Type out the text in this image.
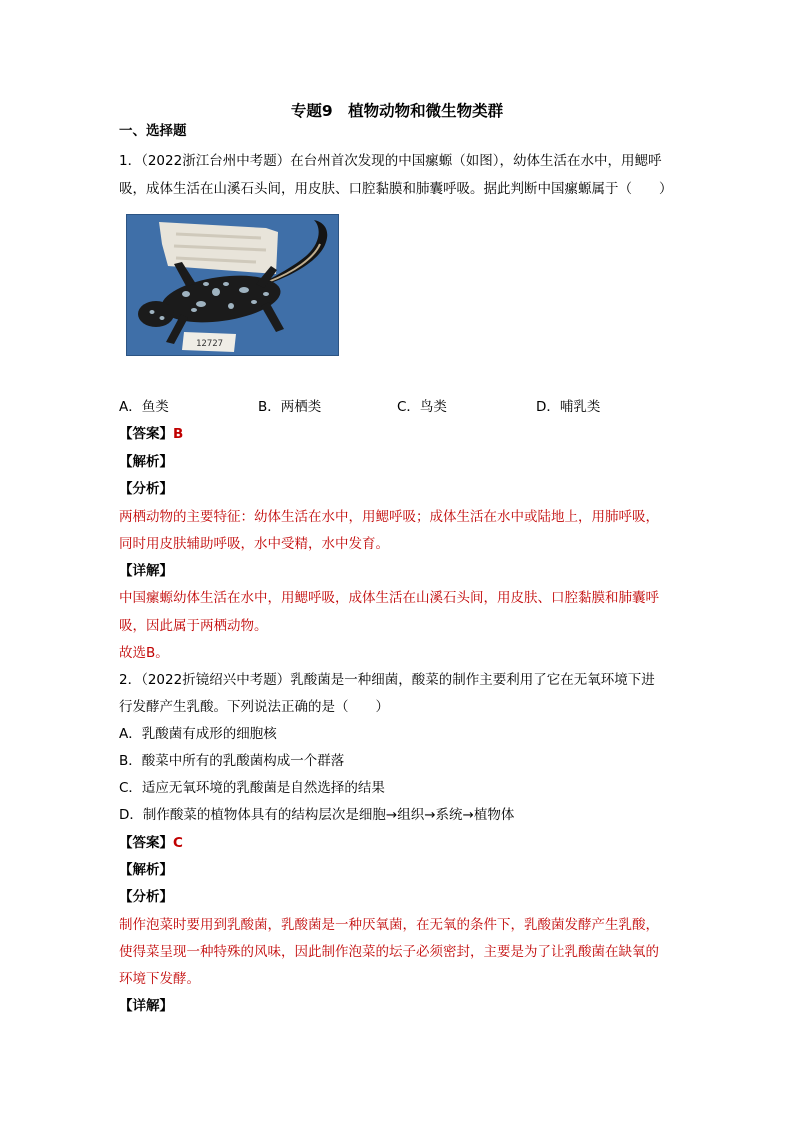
专题9　植物动物和微生物类群
一、选择题
1．（2022浙江台州中考题）在台州首次发现的中国瘰螈（如图），幼体生活在水中，用鳃呼
吸，成体生活在山溪石头间，用皮肤、口腔黏膜和肺囊呼吸。据此判断中国瘰螈属于（　　）
12727
A．鱼类	B．两栖类	C．鸟类	D．哺乳类
【答案】B
【解析】
【分析】
两栖动物的主要特征：幼体生活在水中，用鳃呼吸；成体生活在水中或陆地上，用肺呼吸，
同时用皮肤辅助呼吸，水中受精，水中发育。
【详解】
中国瘰螈幼体生活在水中，用鳃呼吸，成体生活在山溪石头间，用皮肤、口腔黏膜和肺囊呼
吸，因此属于两栖动物。
故选B。
2．（2022折镜绍兴中考题）乳酸菌是一种细菌，酸菜的制作主要利用了它在无氧环境下进
行发酵产生乳酸。下列说法正确的是（　　）
A．乳酸菌有成形的细胞核
B．酸菜中所有的乳酸菌构成一个群落
C．适应无氧环境的乳酸菌是自然选择的结果
D．制作酸菜的植物体具有的结构层次是细胞→组织→系统→植物体
【答案】C
【解析】
【分析】
制作泡菜时要用到乳酸菌，乳酸菌是一种厌氧菌，在无氧的条件下，乳酸菌发酵产生乳酸，
使得菜呈现一种特殊的风味，因此制作泡菜的坛子必须密封，主要是为了让乳酸菌在缺氧的
环境下发酵。
【详解】
